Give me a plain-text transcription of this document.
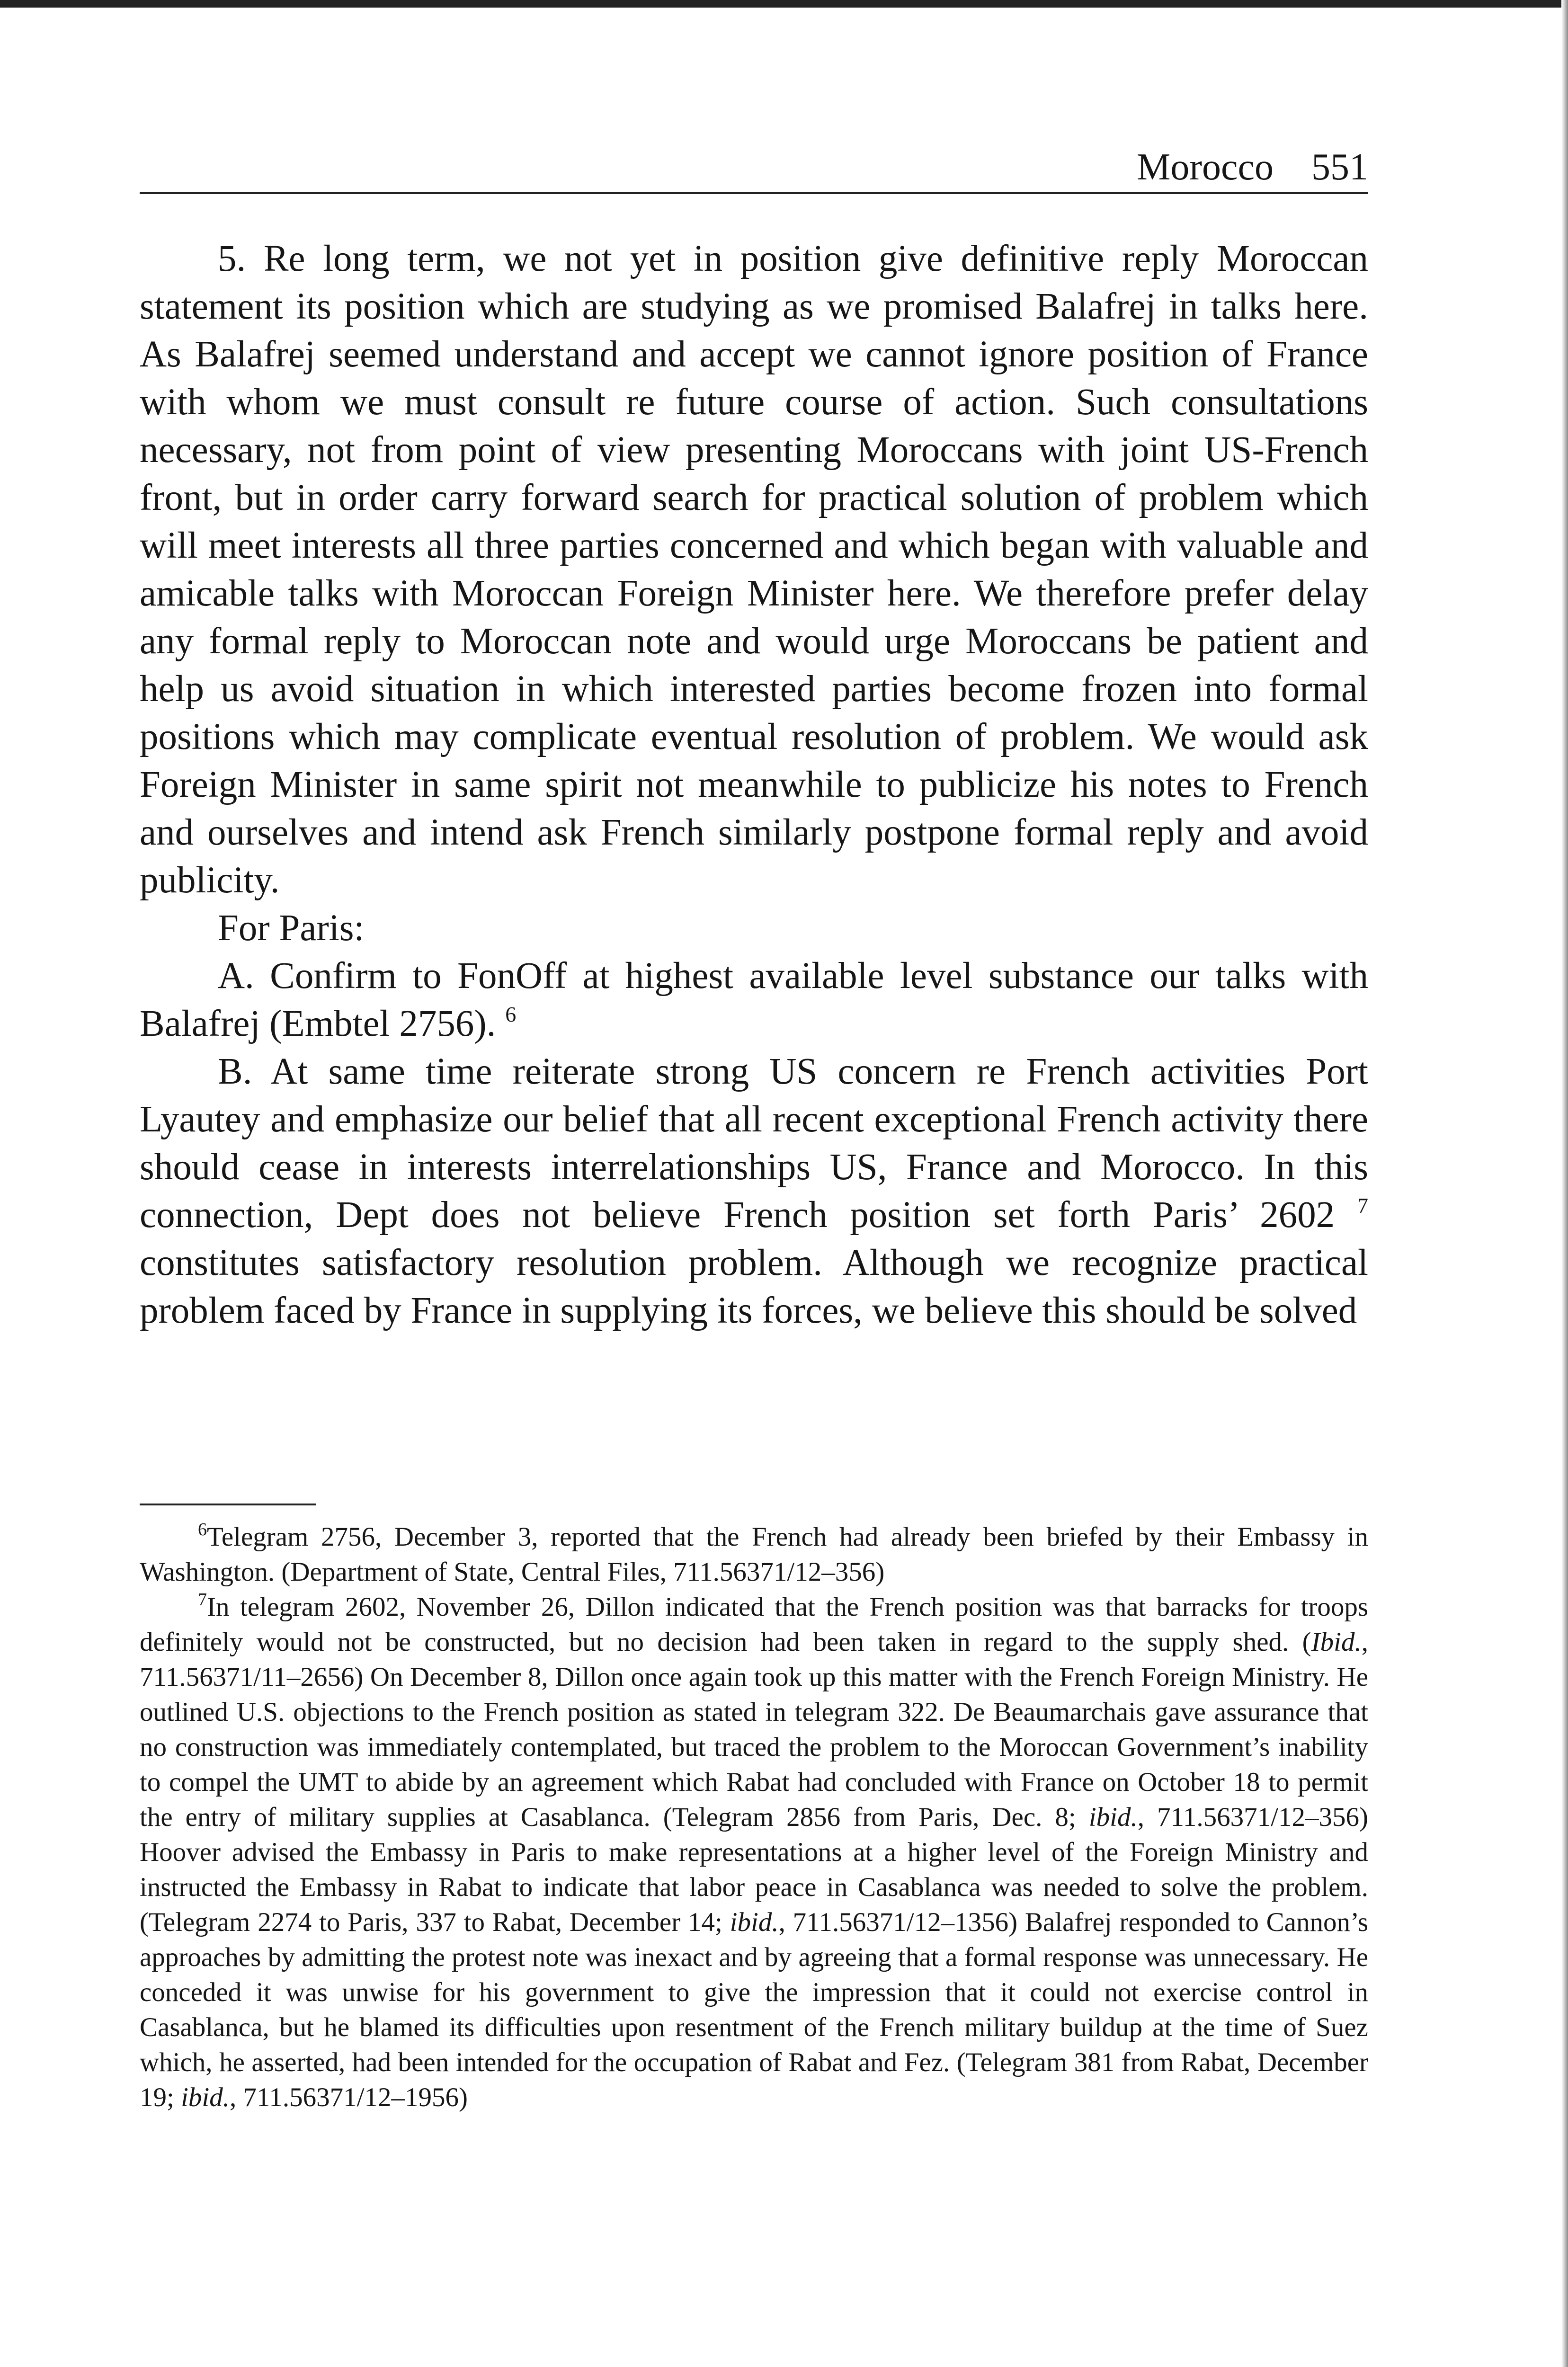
Morocco 551

5. Re long term, we not yet in position give definitive reply Moroccan statement its position which are studying as we promised Balafrej in talks here. As Balafrej seemed understand and accept we cannot ignore position of France with whom we must consult re future course of action. Such consultations necessary, not from point of view presenting Moroccans with joint US-French front, but in order carry forward search for practical solution of problem which will meet interests all three parties concerned and which began with valuable and amicable talks with Moroccan Foreign Minister here. We therefore prefer delay any formal reply to Moroccan note and would urge Moroccans be patient and help us avoid situation in which interested parties become frozen into formal positions which may complicate eventual resolution of problem. We would ask Foreign Minister in same spirit not meanwhile to publicize his notes to French and ourselves and intend ask French similarly postpone formal reply and avoid publicity.

For Paris:

A. Confirm to FonOff at highest available level substance our talks with Balafrej (Embtel 2756). $^6$

B. At same time reiterate strong US concern re French activities Port Lyautey and emphasize our belief that all recent exceptional French activity there should cease in interests interrelationships US, France and Morocco. In this connection, Dept does not believe French position set forth Paris’ 2602 $^7$ constitutes satisfactory resolution problem. Although we recognize practical problem faced by France in supplying its forces, we believe this should be solved

$^6$Telegram 2756, December 3, reported that the French had already been briefed by their Embassy in Washington. (Department of State, Central Files, 711.56371/12–356)

$^7$In telegram 2602, November 26, Dillon indicated that the French position was that barracks for troops definitely would not be constructed, but no decision had been taken in regard to the supply shed. (Ibid., 711.56371/11–2656) On December 8, Dillon once again took up this matter with the French Foreign Ministry. He outlined U.S. objections to the French position as stated in telegram 322. De Beaumarchais gave assurance that no construction was immediately contemplated, but traced the problem to the Moroccan Government’s inability to compel the UMT to abide by an agreement which Rabat had concluded with France on October 18 to permit the entry of military supplies at Casablanca. (Telegram 2856 from Paris, Dec. 8; ibid., 711.56371/12–356) Hoover advised the Embassy in Paris to make representations at a higher level of the Foreign Ministry and instructed the Embassy in Rabat to indicate that labor peace in Casablanca was needed to solve the problem. (Telegram 2274 to Paris, 337 to Rabat, December 14; ibid., 711.56371/12–1356) Balafrej responded to Cannon’s approaches by admitting the protest note was inexact and by agreeing that a formal response was unnecessary. He conceded it was unwise for his government to give the impression that it could not exercise control in Casablanca, but he blamed its difficulties upon resentment of the French military buildup at the time of Suez which, he asserted, had been intended for the occupation of Rabat and Fez. (Telegram 381 from Rabat, December 19; ibid., 711.56371/12–1956)
